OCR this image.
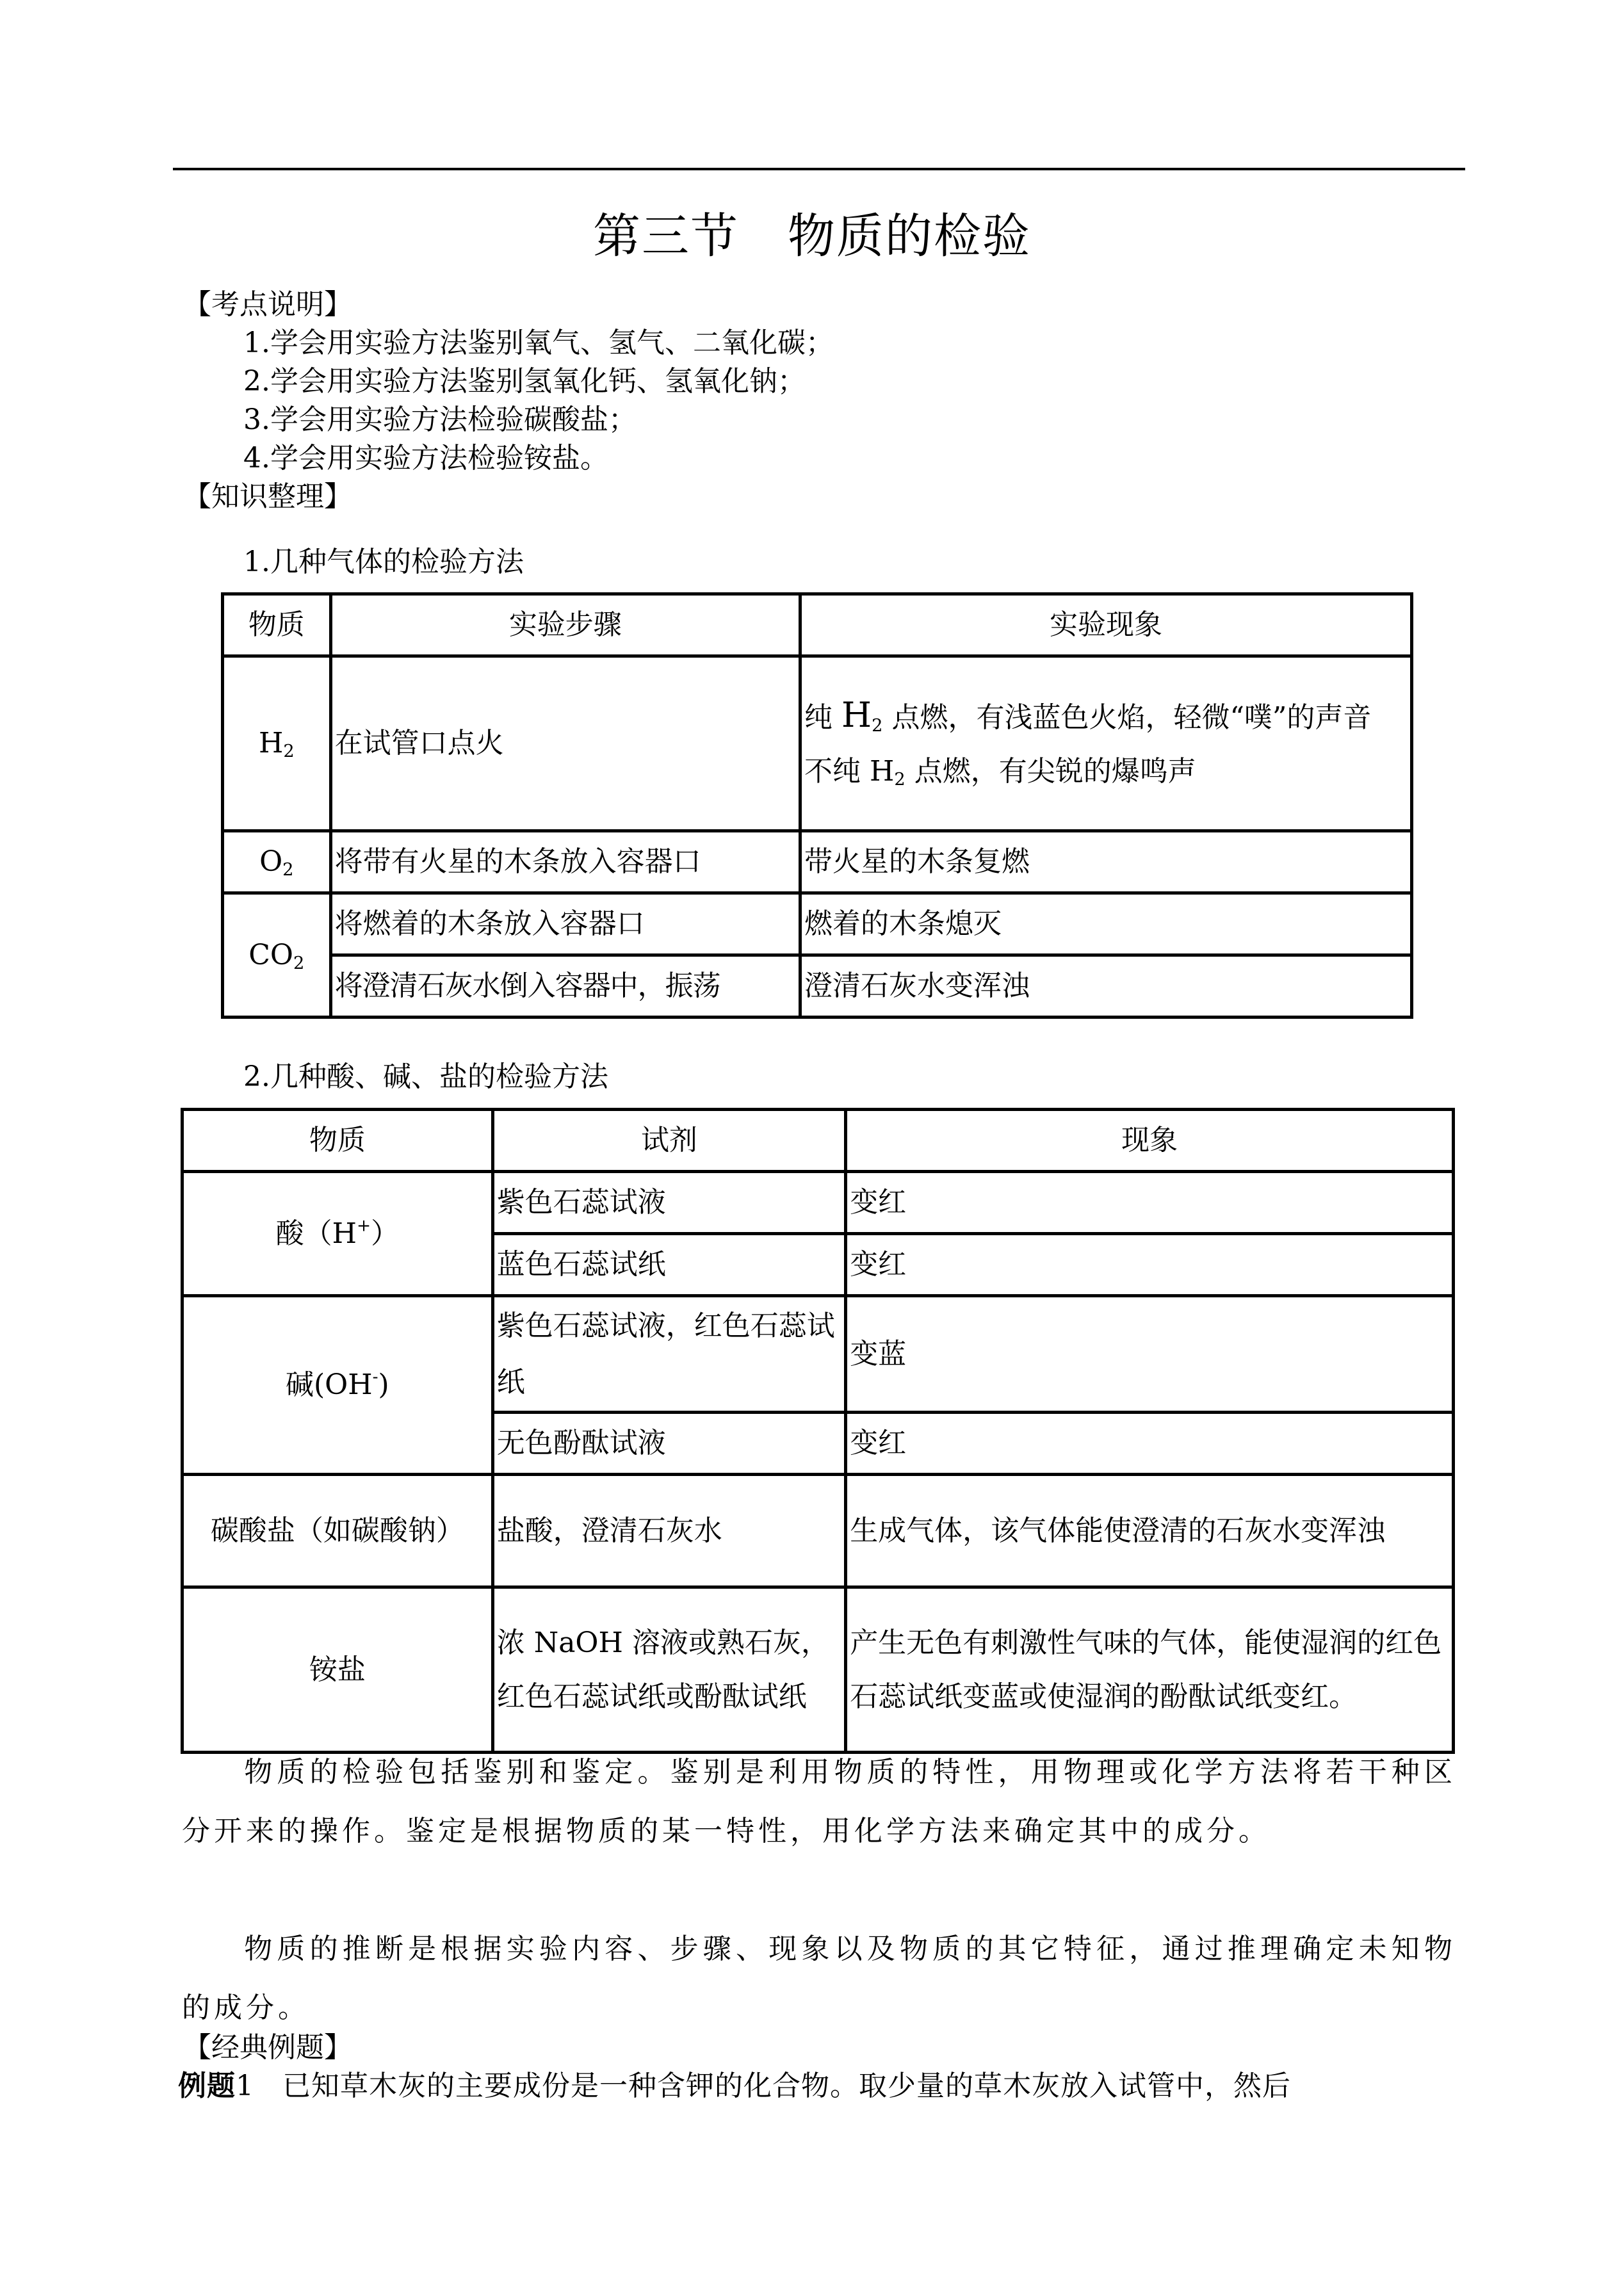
第三节　物质的检验
【考点说明】
1.学会用实验方法鉴别氧气、氢气、二氧化碳；
2.学会用实验方法鉴别氢氧化钙、氢氧化钠；
3.学会用实验方法检验碳酸盐；
4.学会用实验方法检验铵盐。
【知识整理】
1.几种气体的检验方法
物质	实验步骤	实验现象
$H_2$	在试管口点火	纯 $H_2$ 点燃，有浅蓝色火焰，轻微“噗”的声音
不纯 $H_2$ 点燃，有尖锐的爆鸣声

$O_2$	将带有火星的木条放入容器口	带火星的木条复燃
$CO_2$	将燃着的木条放入容器口	燃着的木条熄灭
	将澄清石灰水倒入容器中，振荡	澄清石灰水变浑浊
2.几种酸、碱、盐的检验方法
物质	试剂	现象
酸（H+）	紫色石蕊试液	变红
	蓝色石蕊试纸	变红
碱(OH-)	紫色石蕊试液，红色石蕊试纸	变蓝
	无色酚酞试液	变红
碳酸盐（如碳酸钠）	盐酸，澄清石灰水	生成气体，该气体能使澄清的石灰水变浑浊
铵盐	浓 NaOH 溶液或熟石灰，红色石蕊试纸或酚酞试纸	产生无色有刺激性气味的气体，能使湿润的红色石蕊试纸变蓝或使湿润的酚酞试纸变红。
物质的检验包括鉴别和鉴定。鉴别是利用物质的特性，用物理或化学方法将若干种区分开来的操作。鉴定是根据物质的某一特性，用化学方法来确定其中的成分。
物质的推断是根据实验内容、步骤、现象以及物质的其它特征，通过推理确定未知物的成分。
【经典例题】
例题1 已知草木灰的主要成份是一种含钾的化合物。取少量的草木灰放入试管中，然后
